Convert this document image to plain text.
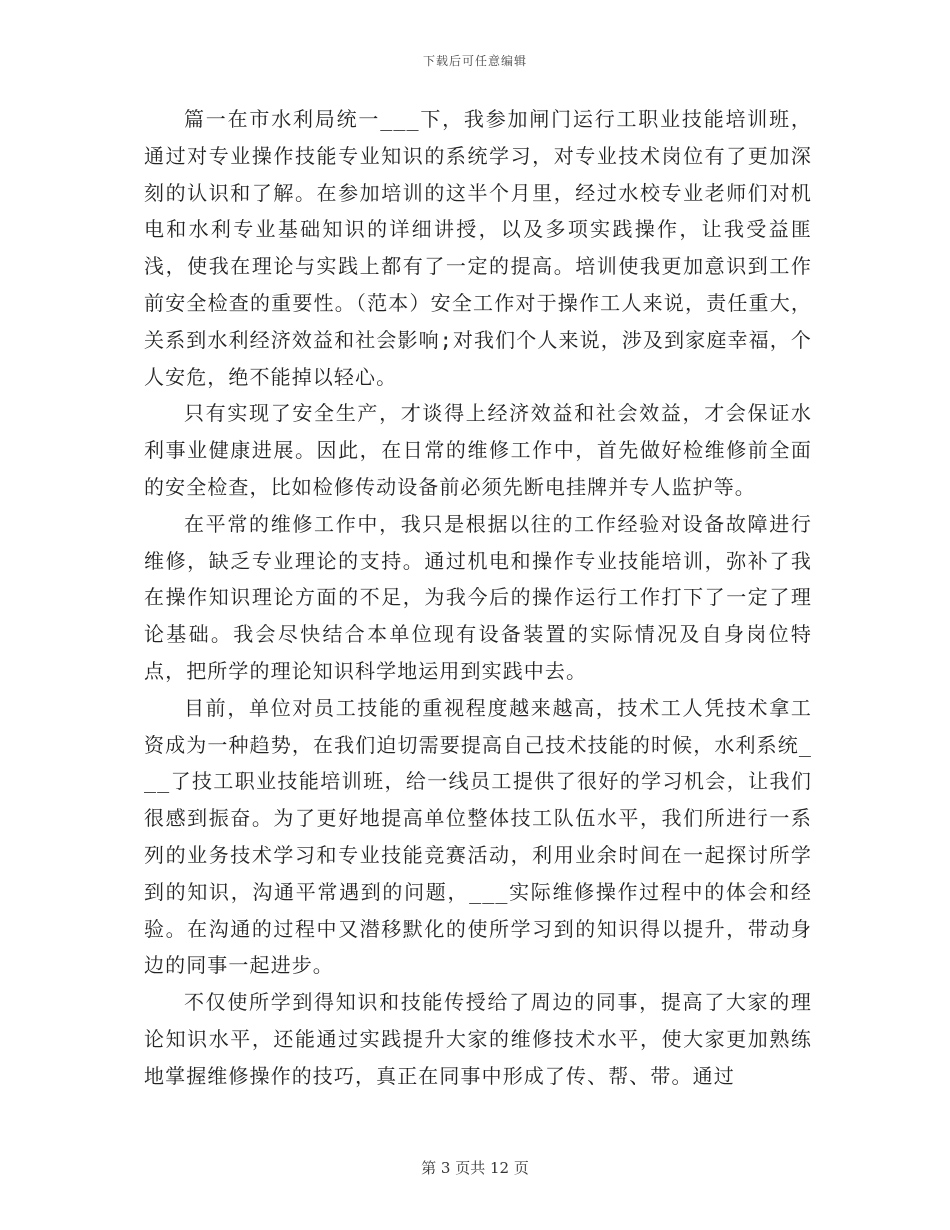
下载后可任意编辑

篇一在市水利局统一___下，我参加闸门运行工职业技能培训班，通过对专业操作技能专业知识的系统学习，对专业技术岗位有了更加深刻的认识和了解。在参加培训的这半个月里，经过水校专业老师们对机电和水利专业基础知识的详细讲授，以及多项实践操作，让我受益匪浅，使我在理论与实践上都有了一定的提高。培训使我更加意识到工作前安全检查的重要性。（范本）安全工作对于操作工人来说，责任重大，关系到水利经济效益和社会影响;对我们个人来说，涉及到家庭幸福，个人安危，绝不能掉以轻心。

只有实现了安全生产，才谈得上经济效益和社会效益，才会保证水利事业健康进展。因此，在日常的维修工作中，首先做好检维修前全面的安全检查，比如检修传动设备前必须先断电挂牌并专人监护等。

在平常的维修工作中，我只是根据以往的工作经验对设备故障进行维修，缺乏专业理论的支持。通过机电和操作专业技能培训，弥补了我在操作知识理论方面的不足，为我今后的操作运行工作打下了一定了理论基础。我会尽快结合本单位现有设备装置的实际情况及自身岗位特点，把所学的理论知识科学地运用到实践中去。

目前，单位对员工技能的重视程度越来越高，技术工人凭技术拿工资成为一种趋势，在我们迫切需要提高自己技术技能的时候，水利系统___了技工职业技能培训班，给一线员工提供了很好的学习机会，让我们很感到振奋。为了更好地提高单位整体技工队伍水平，我们所进行一系列的业务技术学习和专业技能竞赛活动，利用业余时间在一起探讨所学到的知识，沟通平常遇到的问题，___实际维修操作过程中的体会和经验。在沟通的过程中又潜移默化的使所学习到的知识得以提升，带动身边的同事一起进步。

不仅使所学到得知识和技能传授给了周边的同事，提高了大家的理论知识水平，还能通过实践提升大家的维修技术水平，使大家更加熟练地掌握维修操作的技巧，真正在同事中形成了传、帮、带。通过

第 3 页共 12 页
